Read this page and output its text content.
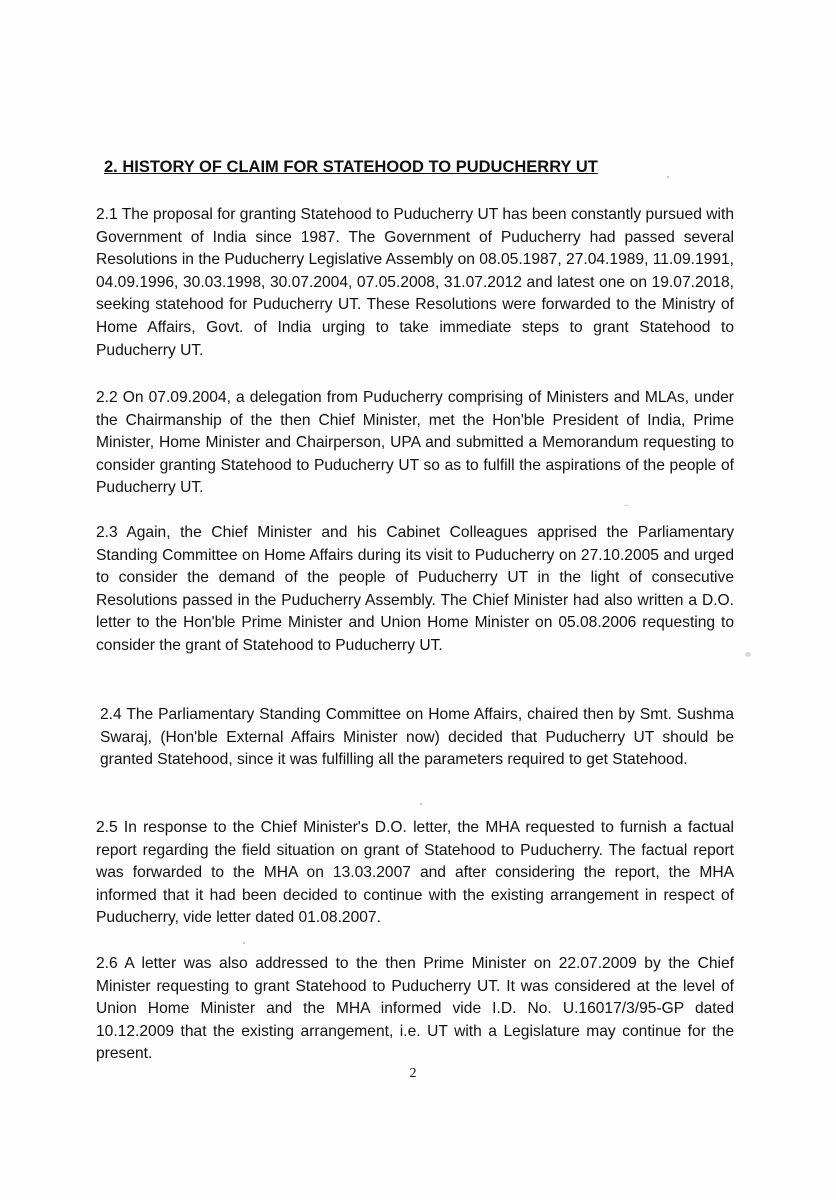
2. HISTORY OF CLAIM FOR STATEHOOD TO PUDUCHERRY UT

2.1 The proposal for granting Statehood to Puducherry UT has been constantly pursued with Government of India since 1987. The Government of Puducherry had passed several Resolutions in the Puducherry Legislative Assembly on 08.05.1987, 27.04.1989, 11.09.1991, 04.09.1996, 30.03.1998, 30.07.2004, 07.05.2008, 31.07.2012 and latest one on 19.07.2018, seeking statehood for Puducherry UT. These Resolutions were forwarded to the Ministry of Home Affairs, Govt. of India urging to take immediate steps to grant Statehood to Puducherry UT.

2.2 On 07.09.2004, a delegation from Puducherry comprising of Ministers and MLAs, under the Chairmanship of the then Chief Minister, met the Hon'ble President of India, Prime Minister, Home Minister and Chairperson, UPA and submitted a Memorandum requesting to consider granting Statehood to Puducherry UT so as to fulfill the aspirations of the people of Puducherry UT.

2.3 Again, the Chief Minister and his Cabinet Colleagues apprised the Parliamentary Standing Committee on Home Affairs during its visit to Puducherry on 27.10.2005 and urged to consider the demand of the people of Puducherry UT in the light of consecutive Resolutions passed in the Puducherry Assembly. The Chief Minister had also written a D.O. letter to the Hon'ble Prime Minister and Union Home Minister on 05.08.2006 requesting to consider the grant of Statehood to Puducherry UT.

2.4 The Parliamentary Standing Committee on Home Affairs, chaired then by Smt. Sushma Swaraj, (Hon'ble External Affairs Minister now) decided that Puducherry UT should be granted Statehood, since it was fulfilling all the parameters required to get Statehood.

2.5 In response to the Chief Minister's D.O. letter, the MHA requested to furnish a factual report regarding the field situation on grant of Statehood to Puducherry. The factual report was forwarded to the MHA on 13.03.2007 and after considering the report, the MHA informed that it had been decided to continue with the existing arrangement in respect of Puducherry, vide letter dated 01.08.2007.

2.6 A letter was also addressed to the then Prime Minister on 22.07.2009 by the Chief Minister requesting to grant Statehood to Puducherry UT. It was considered at the level of Union Home Minister and the MHA informed vide I.D. No. U.16017/3/95-GP dated 10.12.2009 that the existing arrangement, i.e. UT with a Legislature may continue for the present.

2
